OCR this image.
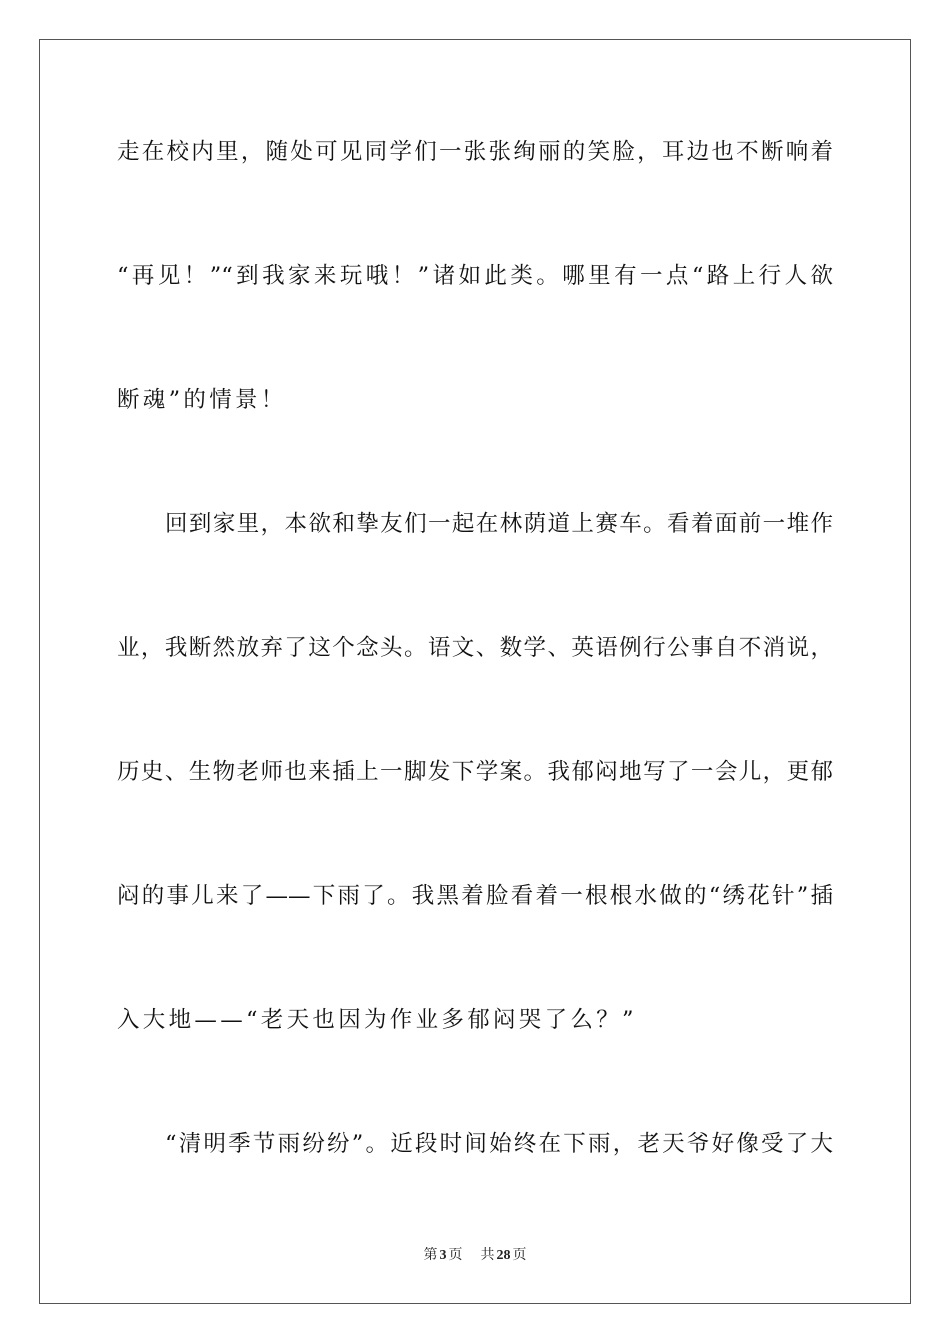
走在校内里，随处可见同学们一张张绚丽的笑脸，耳边也不断响着
“再见！”“到我家来玩哦！”诸如此类。哪里有一点“路上行人欲
断魂”的情景！
回到家里，本欲和挚友们一起在林荫道上赛车。看着面前一堆作
业，我断然放弃了这个念头。语文、数学、英语例行公事自不消说，
历史、生物老师也来插上一脚发下学案。我郁闷地写了一会儿，更郁
闷的事儿来了——下雨了。我黑着脸看着一根根水做的“绣花针”插
入大地——“老天也因为作业多郁闷哭了么？”
“清明季节雨纷纷”。近段时间始终在下雨，老天爷好像受了大
第 3 页 共 28 页
